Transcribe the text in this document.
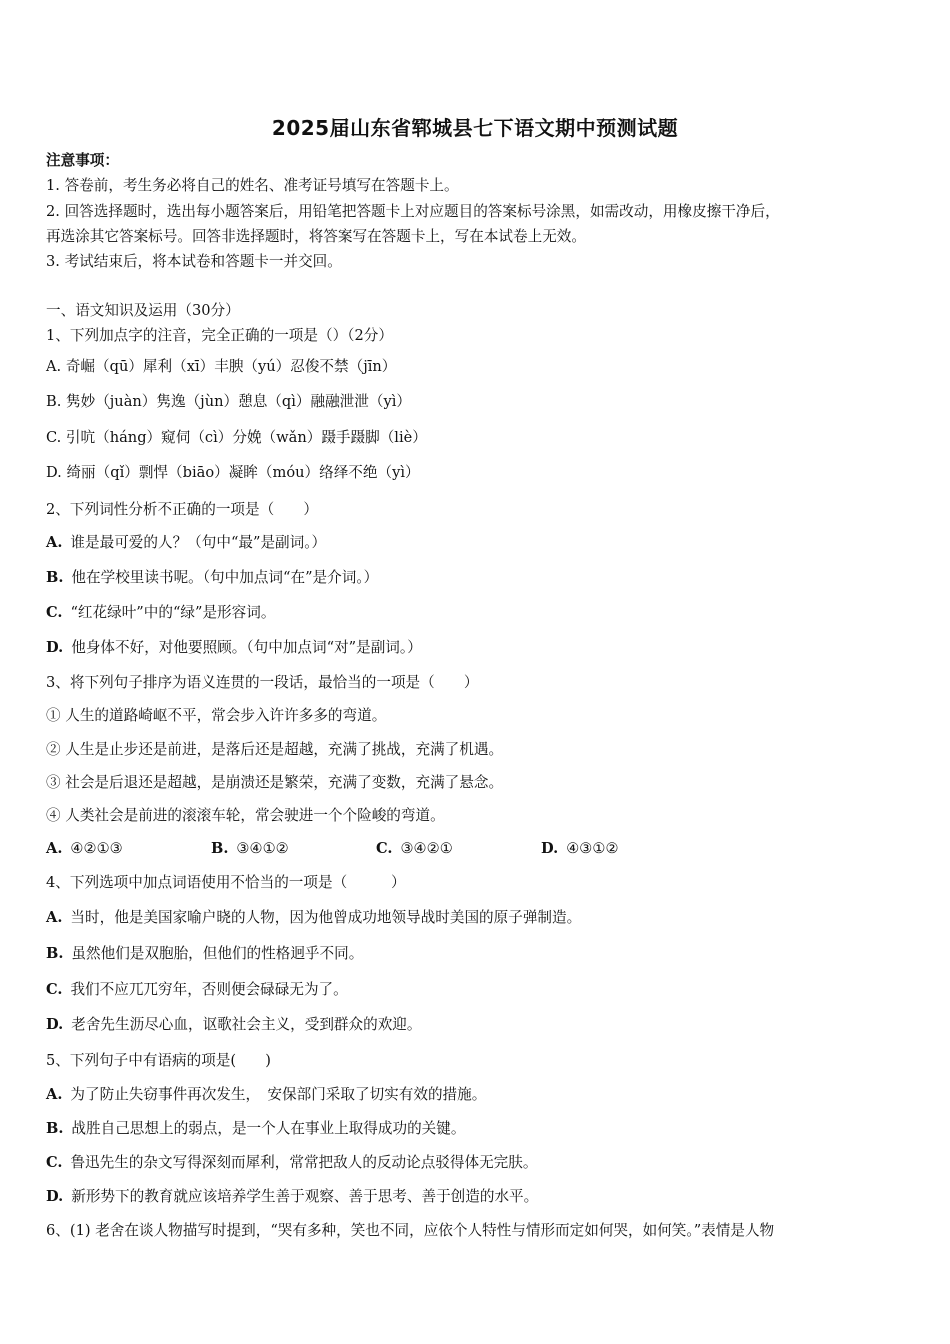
2025届山东省郓城县七下语文期中预测试题
注意事项：
1. 答卷前，考生务必将自己的姓名、准考证号填写在答题卡上。
2. 回答选择题时，选出每小题答案后，用铅笔把答题卡上对应题目的答案标号涂黑，如需改动，用橡皮擦干净后，
再选涂其它答案标号。回答非选择题时，将答案写在答题卡上，写在本试卷上无效。
3. 考试结束后，将本试卷和答题卡一并交回。
一、语文知识及运用（30分）
1、下列加点字的注音，完全正确的一项是（）（2分）
A. 奇崛（qū）犀利（xī）丰腴（yú）忍俊不禁（jīn）
B. 隽妙（juàn）隽逸（jùn）憩息（qì）融融泄泄（yì）
C. 引吭（háng）窥伺（cì）分娩（wǎn）蹑手蹑脚（liè）
D. 绮丽（qǐ）剽悍（biāo）凝眸（móu）络绎不绝（yì）
2、下列词性分析不正确的一项是（　　）
A. 谁是最可爱的人？（句中“最”是副词。）
B. 他在学校里读书呢。（句中加点词“在”是介词。）
C. “红花绿叶”中的“绿”是形容词。
D. 他身体不好，对他要照顾。（句中加点词“对”是副词。）
3、将下列句子排序为语义连贯的一段话，最恰当的一项是（　　）
① 人生的道路崎岖不平，常会步入许许多多的弯道。
② 人生是止步还是前进，是落后还是超越，充满了挑战，充满了机遇。
③ 社会是后退还是超越，是崩溃还是繁荣，充满了变数，充满了悬念。
④ 人类社会是前进的滚滚车轮，常会驶进一个个险峻的弯道。
A. ④②①③	B. ③④①②	C. ③④②①	D. ④③①②
4、下列选项中加点词语使用不恰当的一项是（　　　）
A. 当时，他是美国家喻户晓的人物，因为他曾成功地领导战时美国的原子弹制造。
B. 虽然他们是双胞胎，但他们的性格迥乎不同。
C. 我们不应兀兀穷年，否则便会碌碌无为了。
D. 老舍先生沥尽心血，讴歌社会主义，受到群众的欢迎。
5、下列句子中有语病的项是(　　)
A. 为了防止失窃事件再次发生，　安保部门采取了切实有效的措施。
B. 战胜自己思想上的弱点，是一个人在事业上取得成功的关键。
C. 鲁迅先生的杂文写得深刻而犀利，常常把敌人的反动论点驳得体无完肤。
D. 新形势下的教育就应该培养学生善于观察、善于思考、善于创造的水平。
6、(1) 老舍在谈人物描写时提到，“哭有多种，笑也不同，应依个人特性与情形而定如何哭，如何笑。”表情是人物
